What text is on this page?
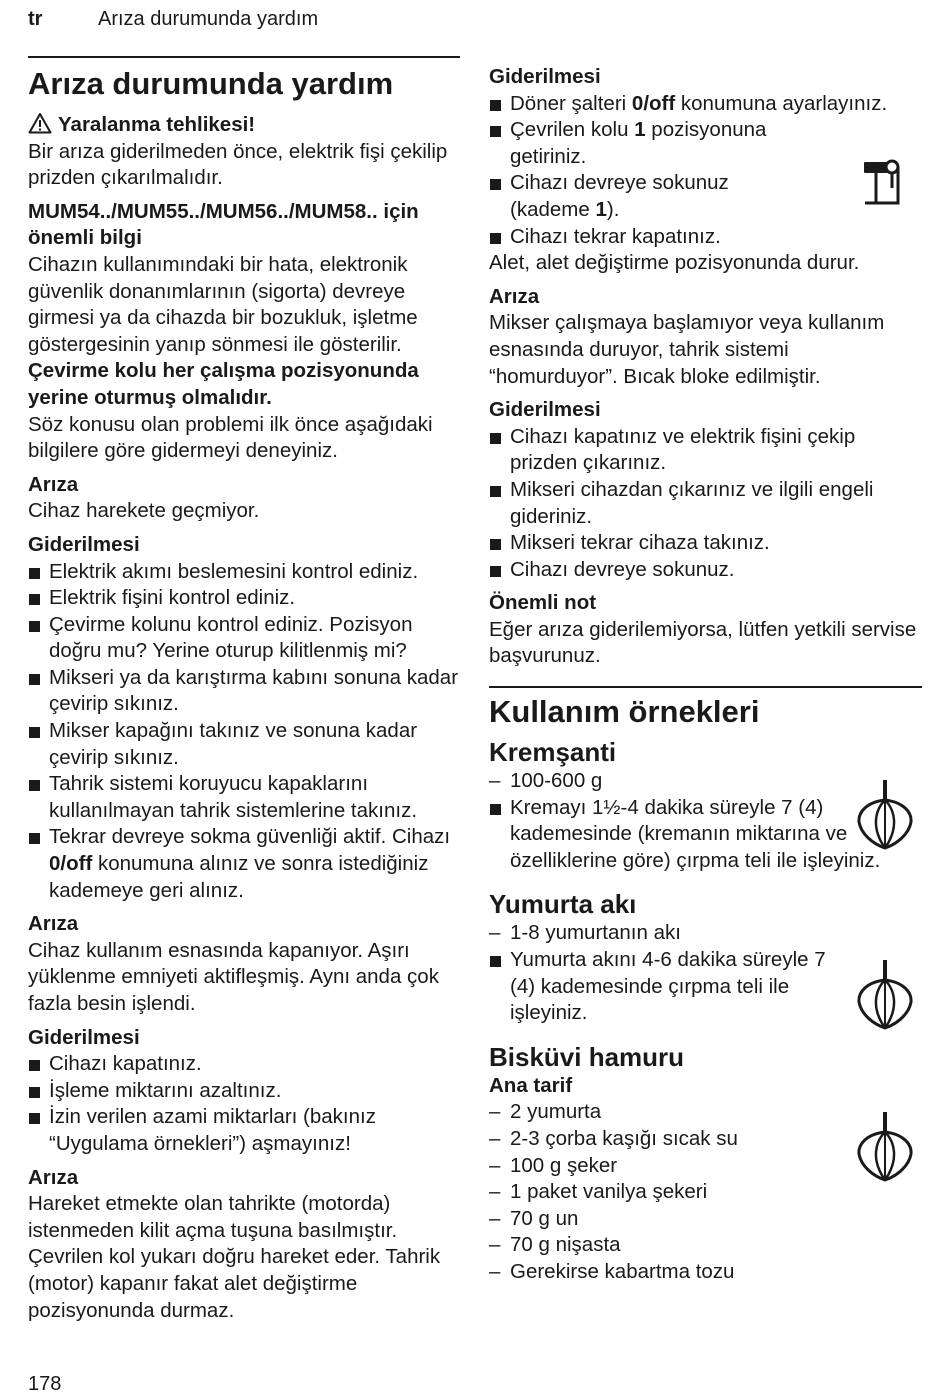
tr	Arıza durumunda yardım
Arıza durumunda yardım

Yaralanma tehlikesi!

Bir arıza giderilmeden önce, elektrik fişi çekilip prizden çıkarılmalıdır.

MUM54../MUM55../MUM56../MUM58.. için önemli bilgi

Cihazın kullanımındaki bir hata, elektronik güvenlik donanımlarının (sigorta) devreye girmesi ya da cihazda bir bozukluk, işletme göstergesinin yanıp sönmesi ile gösterilir.

Çevirme kolu her çalışma pozisyonunda yerine oturmuş olmalıdır.

Söz konusu olan problemi ilk önce aşağıdaki bilgilere göre gidermeyi deneyiniz.

Arıza

Cihaz harekete geçmiyor.

Giderilmesi

Elektrik akımı beslemesini kontrol ediniz.
Elektrik fişini kontrol ediniz.
Çevirme kolunu kontrol ediniz. Pozisyon doğru mu? Yerine oturup kilitlenmiş mi?
Mikseri ya da karıştırma kabını sonuna kadar çevirip sıkınız.
Mikser kapağını takınız ve sonuna kadar çevirip sıkınız.
Tahrik sistemi koruyucu kapaklarını kullanılmayan tahrik sistemlerine takınız.
Tekrar devreye sokma güvenliği aktif. Cihazı 0/off konumuna alınız ve sonra istediğiniz kademeye geri alınız.

Arıza

Cihaz kullanım esnasında kapanıyor. Aşırı yüklenme emniyeti aktifleşmiş. Aynı anda çok fazla besin işlendi.

Giderilmesi

Cihazı kapatınız.
İşleme miktarını azaltınız.
İzin verilen azami miktarları (bakınız “Uygulama örnekleri”) aşmayınız!

Arıza

Hareket etmekte olan tahrikte (motorda) istenmeden kilit açma tuşuna basılmıştır. Çevrilen kol yukarı doğru hareket eder. Tahrik (motor) kapanır fakat alet değiştirme pozisyonunda durmaz.

Giderilmesi

Döner şalteri 0/off konumuna ayarlayınız.
Çevrilen kolu 1 pozisyonuna getiriniz.
Cihazı devreye sokunuz (kademe 1).
Cihazı tekrar kapatınız.

Alet, alet değiştirme pozisyonunda durur.

Arıza

Mikser çalışmaya başlamıyor veya kullanım esnasında duruyor, tahrik sistemi “homurduyor”. Bıcak bloke edilmiştir.

Giderilmesi

Cihazı kapatınız ve elektrik fişini çekip prizden çıkarınız.
Mikseri cihazdan çıkarınız ve ilgili engeli gideriniz.
Mikseri tekrar cihaza takınız.
Cihazı devreye sokunuz.

Önemli not

Eğer arıza giderilemiyorsa, lütfen yetkili servise başvurunuz.

Kullanım örnekleri
Kremşanti
– 100-600 g
Kremayı 1½-4 dakika süreyle 7 (4) kademesinde (kremanın miktarına ve özelliklerine göre) çırpma teli ile işleyiniz.
Yumurta akı
– 1-8 yumurtanın akı
Yumurta akını 4-6 dakika süreyle 7 (4) kademesinde çırpma teli ile işleyiniz.
Bisküvi hamuru

Ana tarif

– 2 yumurta
– 2-3 çorba kaşığı sıcak su
– 100 g şeker
– 1 paket vanilya şekeri
– 70 g un
– 70 g nişasta
– Gerekirse kabartma tozu
178
